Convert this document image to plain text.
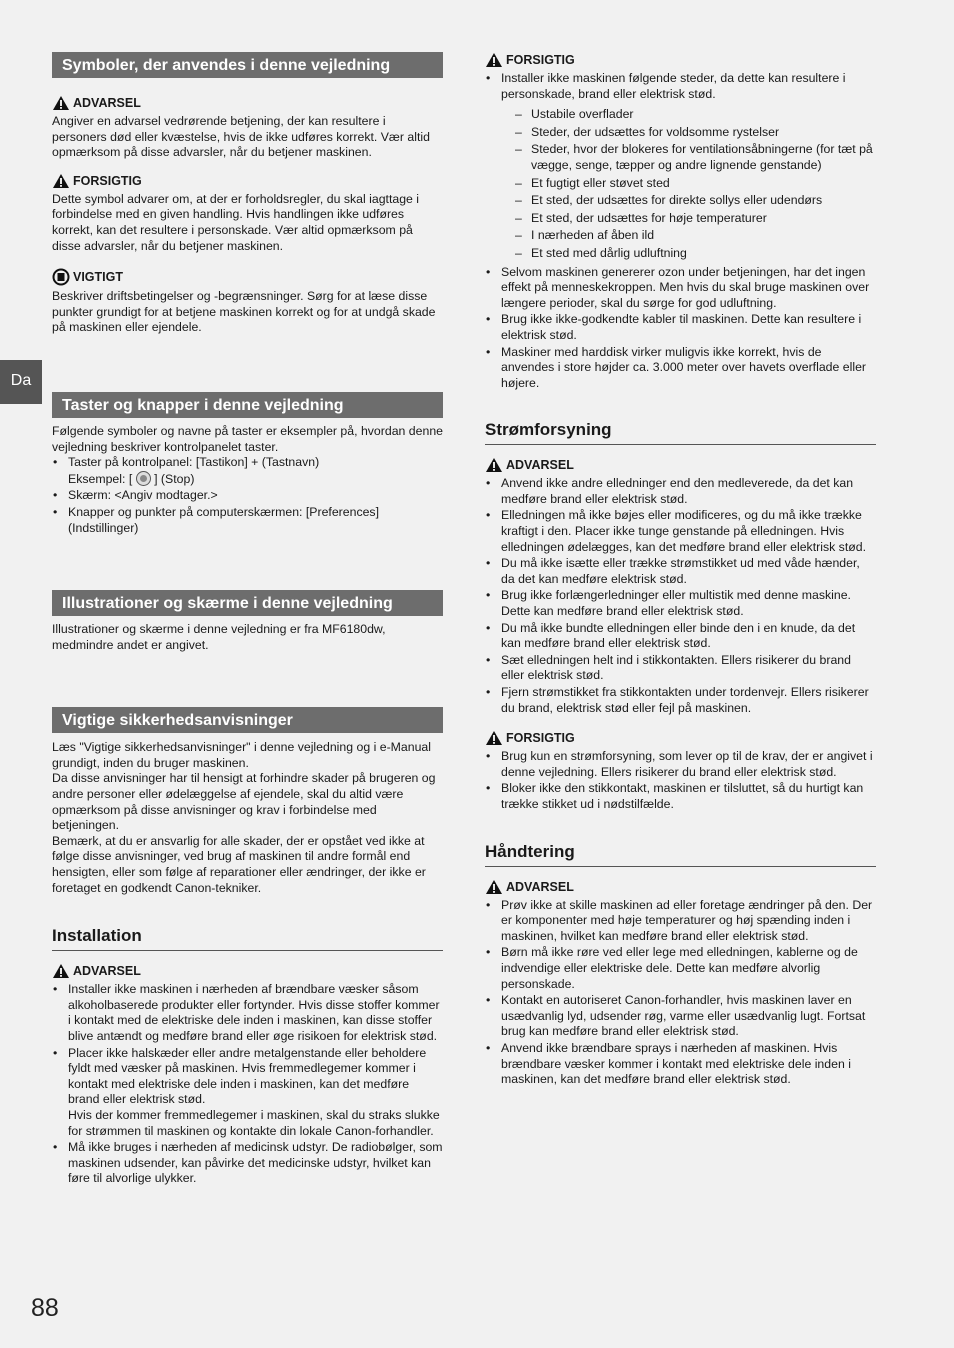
Da
Symboler, der anvendes i denne vejledning
ADVARSEL

Angiver en advarsel vedrørende betjening, der kan resultere i personers død eller kvæstelse, hvis de ikke udføres korrekt. Vær altid opmærksom på disse advarsler, når du betjener maskinen.

FORSIGTIG

Dette symbol advarer om, at der er forholdsregler, du skal iagttage i forbindelse med en given handling. Hvis handlingen ikke udføres korrekt, kan det resultere i personskade. Vær altid opmærksom på disse advarsler, når du betjener maskinen.

VIGTIGT

Beskriver driftsbetingelser og -begrænsninger. Sørg for at læse disse punkter grundigt for at betjene maskinen korrekt og for at undgå skade på maskinen eller ejendele.

Taster og knapper i denne vejledning

Følgende symboler og navne på taster er eksempler på, hvordan denne vejledning beskriver kontrolpanelet taster.

• Taster på kontrolpanel: [Tastikon] + (Tastnavn)
Eksempel: [ ] (Stop)
• Skærm: <Angiv modtager.>
• Knapper og punkter på computerskærmen: [Preferences] (Indstillinger)
Illustrationer og skærme i denne vejledning

Illustrationer og skærme i denne vejledning er fra MF6180dw, medmindre andet er angivet.

Vigtige sikkerhedsanvisninger

Læs "Vigtige sikkerhedsanvisninger" i denne vejledning og i e-Manual grundigt, inden du bruger maskinen.

Da disse anvisninger har til hensigt at forhindre skader på brugeren og andre personer eller ødelæggelse af ejendele, skal du altid være opmærksom på disse anvisninger og krav i forbindelse med betjeningen.

Bemærk, at du er ansvarlig for alle skader, der er opstået ved ikke at følge disse anvisninger, ved brug af maskinen til andre formål end hensigten, eller som følge af reparationer eller ændringer, der ikke er foretaget en godkendt Canon-tekniker.

Installation
ADVARSEL
• Installer ikke maskinen i nærheden af brændbare væsker såsom alkoholbaserede produkter eller fortynder. Hvis disse stoffer kommer i kontakt med de elektriske dele inden i maskinen, kan disse stoffer blive antændt og medføre brand eller øge risikoen for elektrisk stød.
• Placer ikke halskæder eller andre metalgenstande eller beholdere fyldt med væsker på maskinen. Hvis fremmedlegemer kommer i kontakt med elektriske dele inden i maskinen, kan det medføre brand eller elektrisk stød.
Hvis der kommer fremmedlegemer i maskinen, skal du straks slukke for strømmen til maskinen og kontakte din lokale Canon-forhandler.
• Må ikke bruges i nærheden af medicinsk udstyr. De radiobølger, som maskinen udsender, kan påvirke det medicinske udstyr, hvilket kan føre til alvorlige ulykker.
FORSIGTIG
• Installer ikke maskinen følgende steder, da dette kan resultere i personskade, brand eller elektrisk stød.
– Ustabile overflader
– Steder, der udsættes for voldsomme rystelser
– Steder, hvor der blokeres for ventilationsåbningerne (for tæt på vægge, senge, tæpper og andre lignende genstande)
– Et fugtigt eller støvet sted
– Et sted, der udsættes for direkte sollys eller udendørs
– Et sted, der udsættes for høje temperaturer
– I nærheden af åben ild
– Et sted med dårlig udluftning
• Selvom maskinen genererer ozon under betjeningen, har det ingen effekt på menneskekroppen. Men hvis du skal bruge maskinen over længere perioder, skal du sørge for god udluftning.
• Brug ikke ikke-godkendte kabler til maskinen. Dette kan resultere i elektrisk stød.
• Maskiner med harddisk virker muligvis ikke korrekt, hvis de anvendes i store højder ca. 3.000 meter over havets overflade eller højere.
Strømforsyning
ADVARSEL
• Anvend ikke andre elledninger end den medleverede, da det kan medføre brand eller elektrisk stød.
• Elledningen må ikke bøjes eller modificeres, og du må ikke trække kraftigt i den. Placer ikke tunge genstande på elledningen. Hvis elledningen ødelægges, kan det medføre brand eller elektrisk stød.
• Du må ikke isætte eller trække strømstikket ud med våde hænder, da det kan medføre elektrisk stød.
• Brug ikke forlængerledninger eller multistik med denne maskine. Dette kan medføre brand eller elektrisk stød.
• Du må ikke bundte elledningen eller binde den i en knude, da det kan medføre brand eller elektrisk stød.
• Sæt elledningen helt ind i stikkontakten. Ellers risikerer du brand eller elektrisk stød.
• Fjern strømstikket fra stikkontakten under tordenvejr. Ellers risikerer du brand, elektrisk stød eller fejl på maskinen.
FORSIGTIG
• Brug kun en strømforsyning, som lever op til de krav, der er angivet i denne vejledning. Ellers risikerer du brand eller elektrisk stød.
• Bloker ikke den stikkontakt, maskinen er tilsluttet, så du hurtigt kan trække stikket ud i nødstilfælde.
Håndtering
ADVARSEL
• Prøv ikke at skille maskinen ad eller foretage ændringer på den. Der er komponenter med høje temperaturer og høj spænding inden i maskinen, hvilket kan medføre brand eller elektrisk stød.
• Børn må ikke røre ved eller lege med elledningen, kablerne og de indvendige eller elektriske dele. Dette kan medføre alvorlig personskade.
• Kontakt en autoriseret Canon-forhandler, hvis maskinen laver en usædvanlig lyd, udsender røg, varme eller usædvanlig lugt. Fortsat brug kan medføre brand eller elektrisk stød.
• Anvend ikke brændbare sprays i nærheden af maskinen. Hvis brændbare væsker kommer i kontakt med elektriske dele inden i maskinen, kan det medføre brand eller elektrisk stød.
88
